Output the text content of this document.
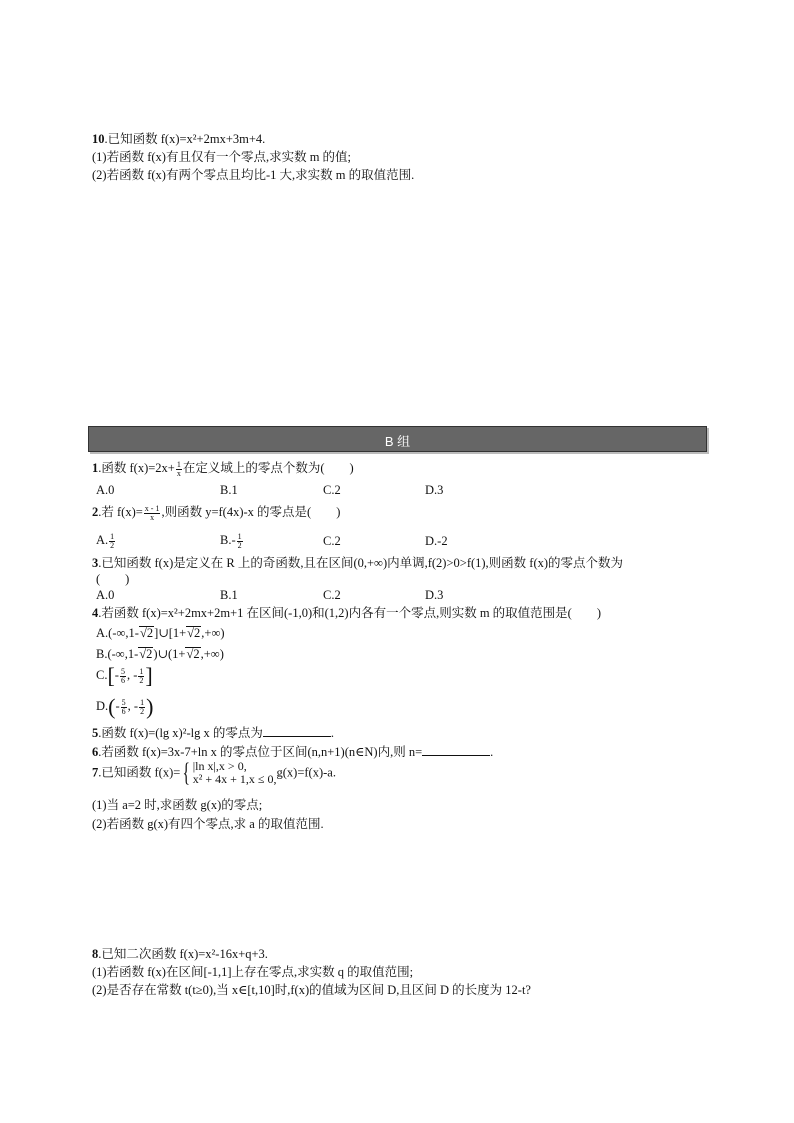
10.已知函数 f(x)=x²+2mx+3m+4.
(1)若函数 f(x)有且仅有一个零点,求实数 m 的值;
(2)若函数 f(x)有两个零点且均比-1 大,求实数 m 的取值范围.
B 组
1.函数 $f(x)=2x+ \frac{1}{x}$ 在定义域上的零点个数为(　　)
A.0	B.1	C.2	D.3
2.若 $f(x)= \frac{x - 1}{x}$ ,则函数 y=f(4x)-x 的零点是(　　)
A. $\frac{1}{2}$	$B.- \frac{1}{2}$	C.2	D.-2
3.已知函数 f(x)是定义在 R 上的奇函数,且在区间(0,+∞)内单调,f(2)>0>f(1),则函数 f(x)的零点个数为
(　　)
A.0	B.1	C.2	D.3
4.若函数 f(x)=x²+2mx+2m+1 在区间(-1,0)和(1,2)内各有一个零点,则实数 m 的取值范围是(　　)
A.(-∞,1-√2]∪[1+√2,+∞)
B.(-∞,1-√2)∪(1+√2,+∞)
$C.[- \frac{5}{6}$ , - $\frac{1}{2}$ ]
$D.(- \frac{5}{6}$ , - $\frac{1}{2}$ )
5.函数 f(x)=(lg x)²-lg x 的零点为	.
6.若函数 f(x)=3x-7+ln x 的零点位于区间(n,n+1)(n∈N)内,则 n=	.
7.已知函数 f(x)={ |ln x|,x > 0,
x² + 4x + 1,x ≤ 0, g(x)=f(x)-a.
(1)当 a=2 时,求函数 g(x)的零点;
(2)若函数 g(x)有四个零点,求 a 的取值范围.
8.已知二次函数 f(x)=x²-16x+q+3.
(1)若函数 f(x)在区间[-1,1]上存在零点,求实数 q 的取值范围;
(2)是否存在常数 t(t≥0),当 x∈[t,10]时,f(x)的值域为区间 D,且区间 D 的长度为 12-t?
